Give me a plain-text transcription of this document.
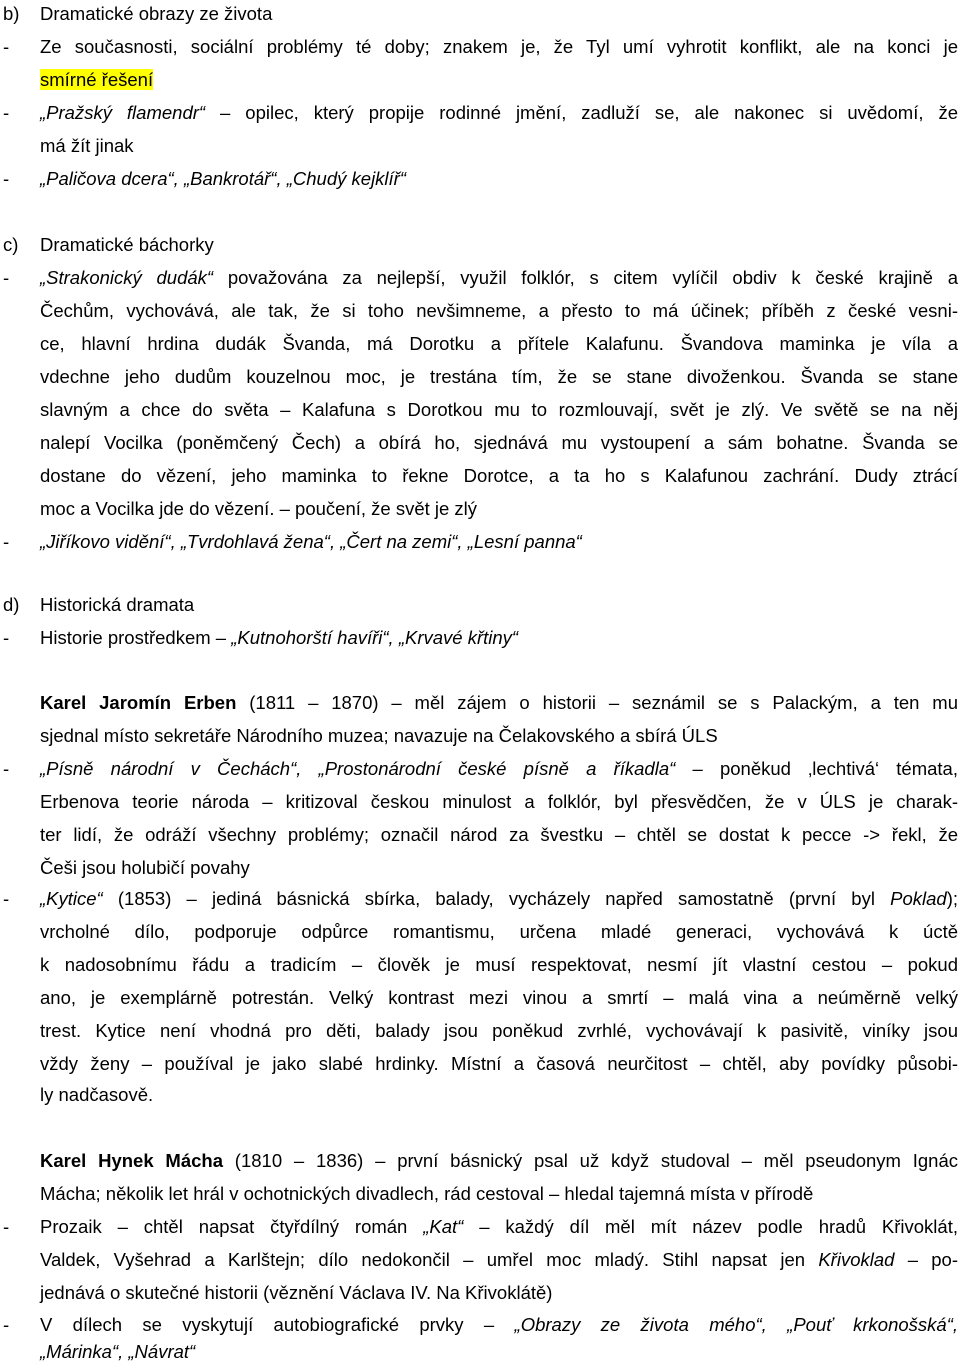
b) Dramatické obrazy ze života
- Ze současnosti, sociální problémy té doby; znakem je, že Tyl umí vyhrotit konflikt, ale na konci je
smírné řešení
- „Pražský flamendr“ – opilec, který propije rodinné jmění, zadluží se, ale nakonec si uvědomí, že
má žít jinak
- „Paličova dcera“, „Bankrotář“, „Chudý kejklíř“
c) Dramatické báchorky
- „Strakonický dudák“ považována za nejlepší, využil folklór, s citem vylíčil obdiv k české krajině a
Čechům, vychovává, ale tak, že si toho nevšimneme, a přesto to má účinek; příběh z české vesni-
ce, hlavní hrdina dudák Švanda, má Dorotku a přítele Kalafunu. Švandova maminka je víla a
vdechne jeho dudům kouzelnou moc, je trestána tím, že se stane divoženkou. Švanda se stane
slavným a chce do světa – Kalafuna s Dorotkou mu to rozmlouvají, svět je zlý. Ve světě se na něj
nalepí Vocilka (poněmčený Čech) a obírá ho, sjednává mu vystoupení a sám bohatne. Švanda se
dostane do vězení, jeho maminka to řekne Dorotce, a ta ho s Kalafunou zachrání. Dudy ztrácí
moc a Vocilka jde do vězení. – poučení, že svět je zlý
- „Jiříkovo vidění“, „Tvrdohlavá žena“, „Čert na zemi“, „Lesní panna“
d) Historická dramata
- Historie prostředkem – „Kutnohorští havíři“, „Krvavé křtiny“
Karel Jaromín Erben (1811 – 1870) – měl zájem o historii – seznámil se s Palackým, a ten mu
sjednal místo sekretáře Národního muzea; navazuje na Čelakovského a sbírá ÚLS
- „Písně národní v Čechách“, „Prostonárodní české písně a říkadla“ – poněkud ‚lechtivá‘ témata,
Erbenova teorie národa – kritizoval českou minulost a folklór, byl přesvědčen, že v ÚLS je charak-
ter lidí, že odráží všechny problémy; označil národ za švestku – chtěl se dostat k pecce -> řekl, že
Češi jsou holubičí povahy
- „Kytice“ (1853) – jediná básnická sbírka, balady, vycházely napřed samostatně (první byl Poklad);
vrcholné dílo, podporuje odpůrce romantismu, určena mladé generaci, vychovává k úctě
k nadosobnímu řádu a tradicím – člověk je musí respektovat, nesmí jít vlastní cestou – pokud
ano, je exemplárně potrestán. Velký kontrast mezi vinou a smrtí – malá vina a neúměrně velký
trest. Kytice není vhodná pro děti, balady jsou poněkud zvrhlé, vychovávají k pasivitě, viníky jsou
vždy ženy – používal je jako slabé hrdinky. Místní a časová neurčitost – chtěl, aby povídky působi-
ly nadčasově.
Karel Hynek Mácha (1810 – 1836) – první básnický psal už když studoval – měl pseudonym Ignác
Mácha; několik let hrál v ochotnických divadlech, rád cestoval – hledal tajemná místa v přírodě
- Prozaik – chtěl napsat čtyřdílný román „Kat“ – každý díl měl mít název podle hradů Křivoklát,
Valdek, Vyšehrad a Karlštejn; dílo nedokončil – umřel moc mladý. Stihl napsat jen Křivoklad – po-
jednává o skutečné historii (věznění Václava IV. Na Křivoklátě)
- V dílech se vyskytují autobiografické prvky – „Obrazy ze života mého“, „Pouť krkonošská“,
„Márinka“, „Návrat“
